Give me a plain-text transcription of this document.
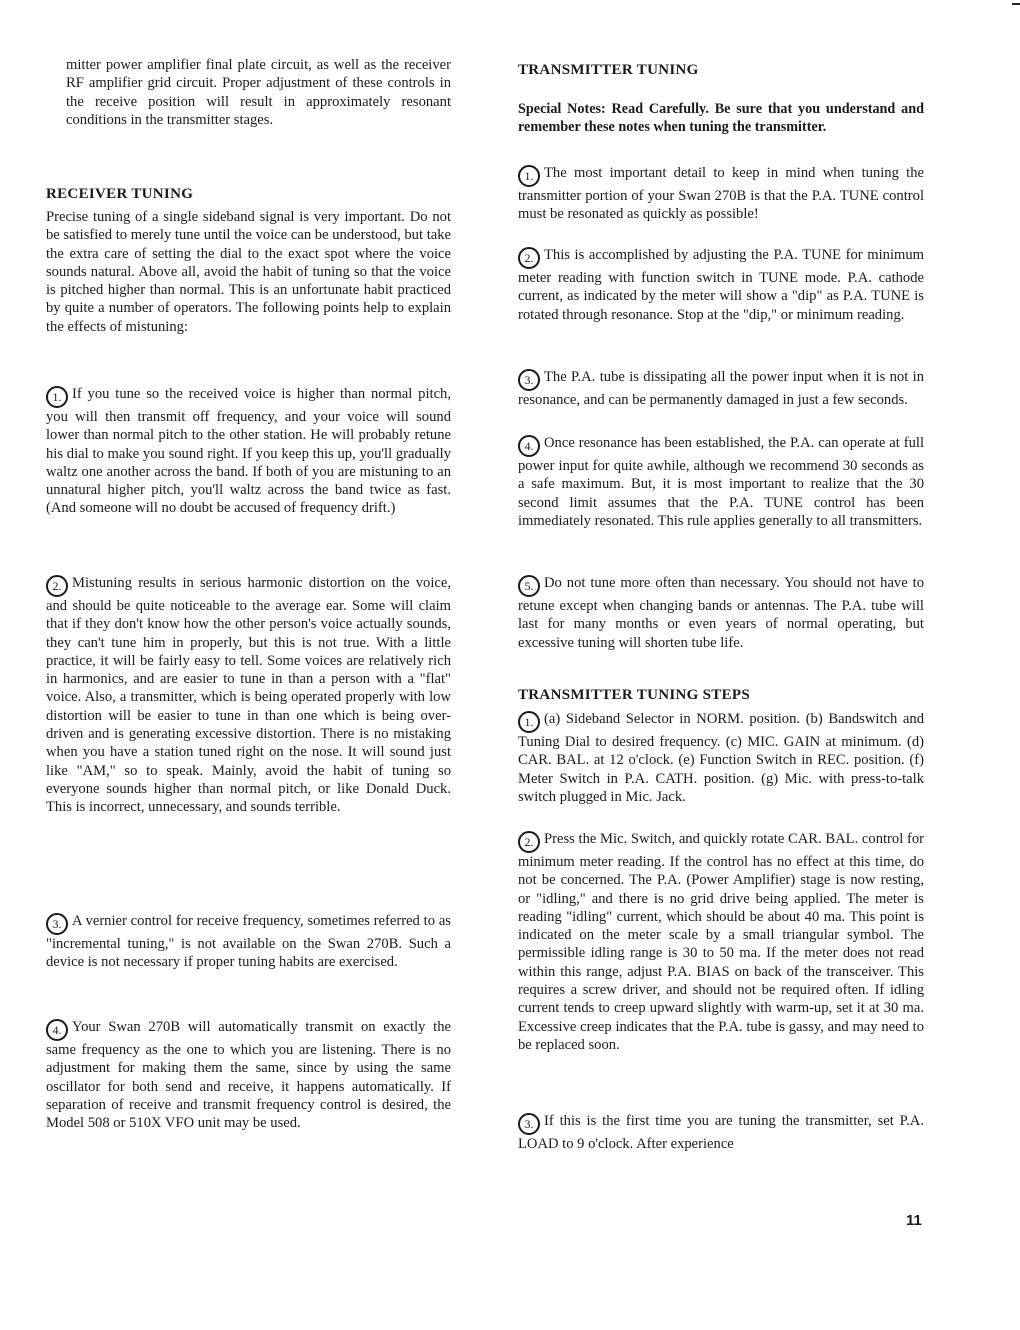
mitter power amplifier final plate circuit, as well as the receiver RF amplifier grid circuit. Proper adjustment of these controls in the receive position will result in approximately resonant conditions in the transmitter stages.

RECEIVER TUNING

Precise tuning of a single sideband signal is very important. Do not be satisfied to merely tune until the voice can be understood, but take the extra care of setting the dial to the exact spot where the voice sounds natural. Above all, avoid the habit of tuning so that the voice is pitched higher than normal. This is an unfortunate habit practiced by quite a number of operators. The following points help to explain the effects of mistuning:

1. If you tune so the received voice is higher than normal pitch, you will then transmit off frequency, and your voice will sound lower than normal pitch to the other station. He will probably retune his dial to make you sound right. If you keep this up, you'll gradually waltz one another across the band. If both of you are mistuning to an unnatural higher pitch, you'll waltz across the band twice as fast. (And someone will no doubt be accused of frequency drift.)
2. Mistuning results in serious harmonic distortion on the voice, and should be quite noticeable to the average ear. Some will claim that if they don't know how the other person's voice actually sounds, they can't tune him in properly, but this is not true. With a little practice, it will be fairly easy to tell. Some voices are relatively rich in harmonics, and are easier to tune in than a person with a "flat" voice. Also, a transmitter, which is being operated properly with low distortion will be easier to tune in than one which is being over-driven and is generating excessive distortion. There is no mistaking when you have a station tuned right on the nose. It will sound just like "AM," so to speak. Mainly, avoid the habit of tuning so everyone sounds higher than normal pitch, or like Donald Duck. This is incorrect, unnecessary, and sounds terrible.
3. A vernier control for receive frequency, sometimes referred to as "incremental tuning," is not available on the Swan 270B. Such a device is not necessary if proper tuning habits are exercised.
4. Your Swan 270B will automatically transmit on exactly the same frequency as the one to which you are listening. There is no adjustment for making them the same, since by using the same oscillator for both send and receive, it happens automatically. If separation of receive and transmit frequency control is desired, the Model 508 or 510X VFO unit may be used.
TRANSMITTER TUNING

Special Notes: Read Carefully. Be sure that you understand and remember these notes when tuning the transmitter.

1. The most important detail to keep in mind when tuning the transmitter portion of your Swan 270B is that the P.A. TUNE control must be resonated as quickly as possible!
2. This is accomplished by adjusting the P.A. TUNE for minimum meter reading with function switch in TUNE mode. P.A. cathode current, as indicated by the meter will show a "dip" as P.A. TUNE is rotated through resonance. Stop at the "dip," or minimum reading.
3. The P.A. tube is dissipating all the power input when it is not in resonance, and can be permanently damaged in just a few seconds.
4. Once resonance has been established, the P.A. can operate at full power input for quite awhile, although we recommend 30 seconds as a safe maximum. But, it is most important to realize that the 30 second limit assumes that the P.A. TUNE control has been immediately resonated. This rule applies generally to all transmitters.
5. Do not tune more often than necessary. You should not have to retune except when changing bands or antennas. The P.A. tube will last for many months or even years of normal operating, but excessive tuning will shorten tube life.
TRANSMITTER TUNING STEPS
1. (a) Sideband Selector in NORM. position. (b) Bandswitch and Tuning Dial to desired frequency. (c) MIC. GAIN at minimum. (d) CAR. BAL. at 12 o'clock. (e) Function Switch in REC. position. (f) Meter Switch in P.A. CATH. position. (g) Mic. with press-to-talk switch plugged in Mic. Jack.
2. Press the Mic. Switch, and quickly rotate CAR. BAL. control for minimum meter reading. If the control has no effect at this time, do not be concerned. The P.A. (Power Amplifier) stage is now resting, or "idling," and there is no grid drive being applied. The meter is reading "idling" current, which should be about 40 ma. This point is indicated on the meter scale by a small triangular symbol. The permissible idling range is 30 to 50 ma. If the meter does not read within this range, adjust P.A. BIAS on back of the transceiver. This requires a screw driver, and should not be required often. If idling current tends to creep upward slightly with warm-up, set it at 30 ma. Excessive creep indicates that the P.A. tube is gassy, and may need to be replaced soon.
3. If this is the first time you are tuning the transmitter, set P.A. LOAD to 9 o'clock. After experience
11
